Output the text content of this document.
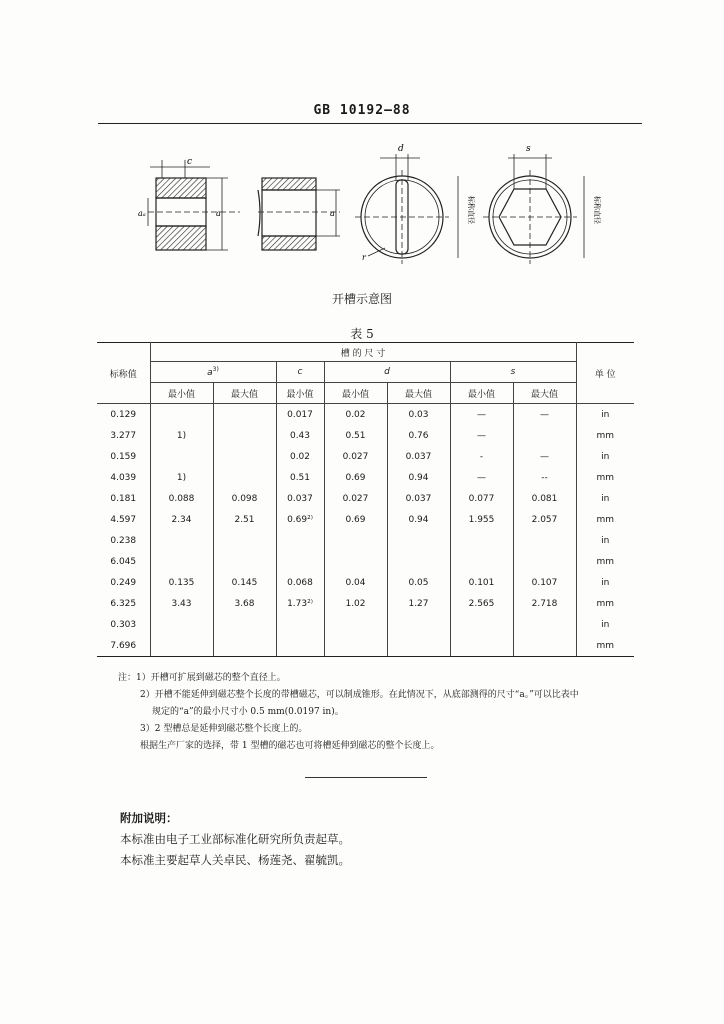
GB 10192—88
c
aₐ	a	a
d
r
标称直径
s
标称直径
开槽示意图
表 5
标称值	槽 的 尺 寸							单 位
	$a^{3)}$		c	d		s		
	最小值	最大值	最小值	最小值	最大值	最小值	最大值	
0.129			0.017	0.02	0.03	—	—	in
3.277	1)		0.43	0.51	0.76	—		mm
0.159			0.02	0.027	0.037	-	—	in
4.039	1)		0.51	0.69	0.94	—	--	mm
0.181	0.088	0.098	0.037	0.027	0.037	0.077	0.081	in
4.597	2.34	2.51	0.69²⁾	0.69	0.94	1.955	2.057	mm
0.238								in
6.045								mm
0.249	0.135	0.145	0.068	0.04	0.05	0.101	0.107	in
6.325	3.43	3.68	1.73²⁾	1.02	1.27	2.565	2.718	mm
0.303								in
7.696								mm
注：1）开槽可扩展到磁芯的整个直径上。
2）开槽不能延伸到磁芯整个长度的带槽磁芯，可以制成锥形。在此情况下，从底部测得的尺寸“a。”可以比表中
规定的“a”的最小尺寸小 0.5 mm(0.0197 in)。
3）2 型槽总是延伸到磁芯整个长度上的。
根据生产厂家的选择，带 1 型槽的磁芯也可将槽延伸到磁芯的整个长度上。
附加说明：
本标准由电子工业部标准化研究所负责起草。
本标准主要起草人关卓民、杨莲尧、翟毓凯。
